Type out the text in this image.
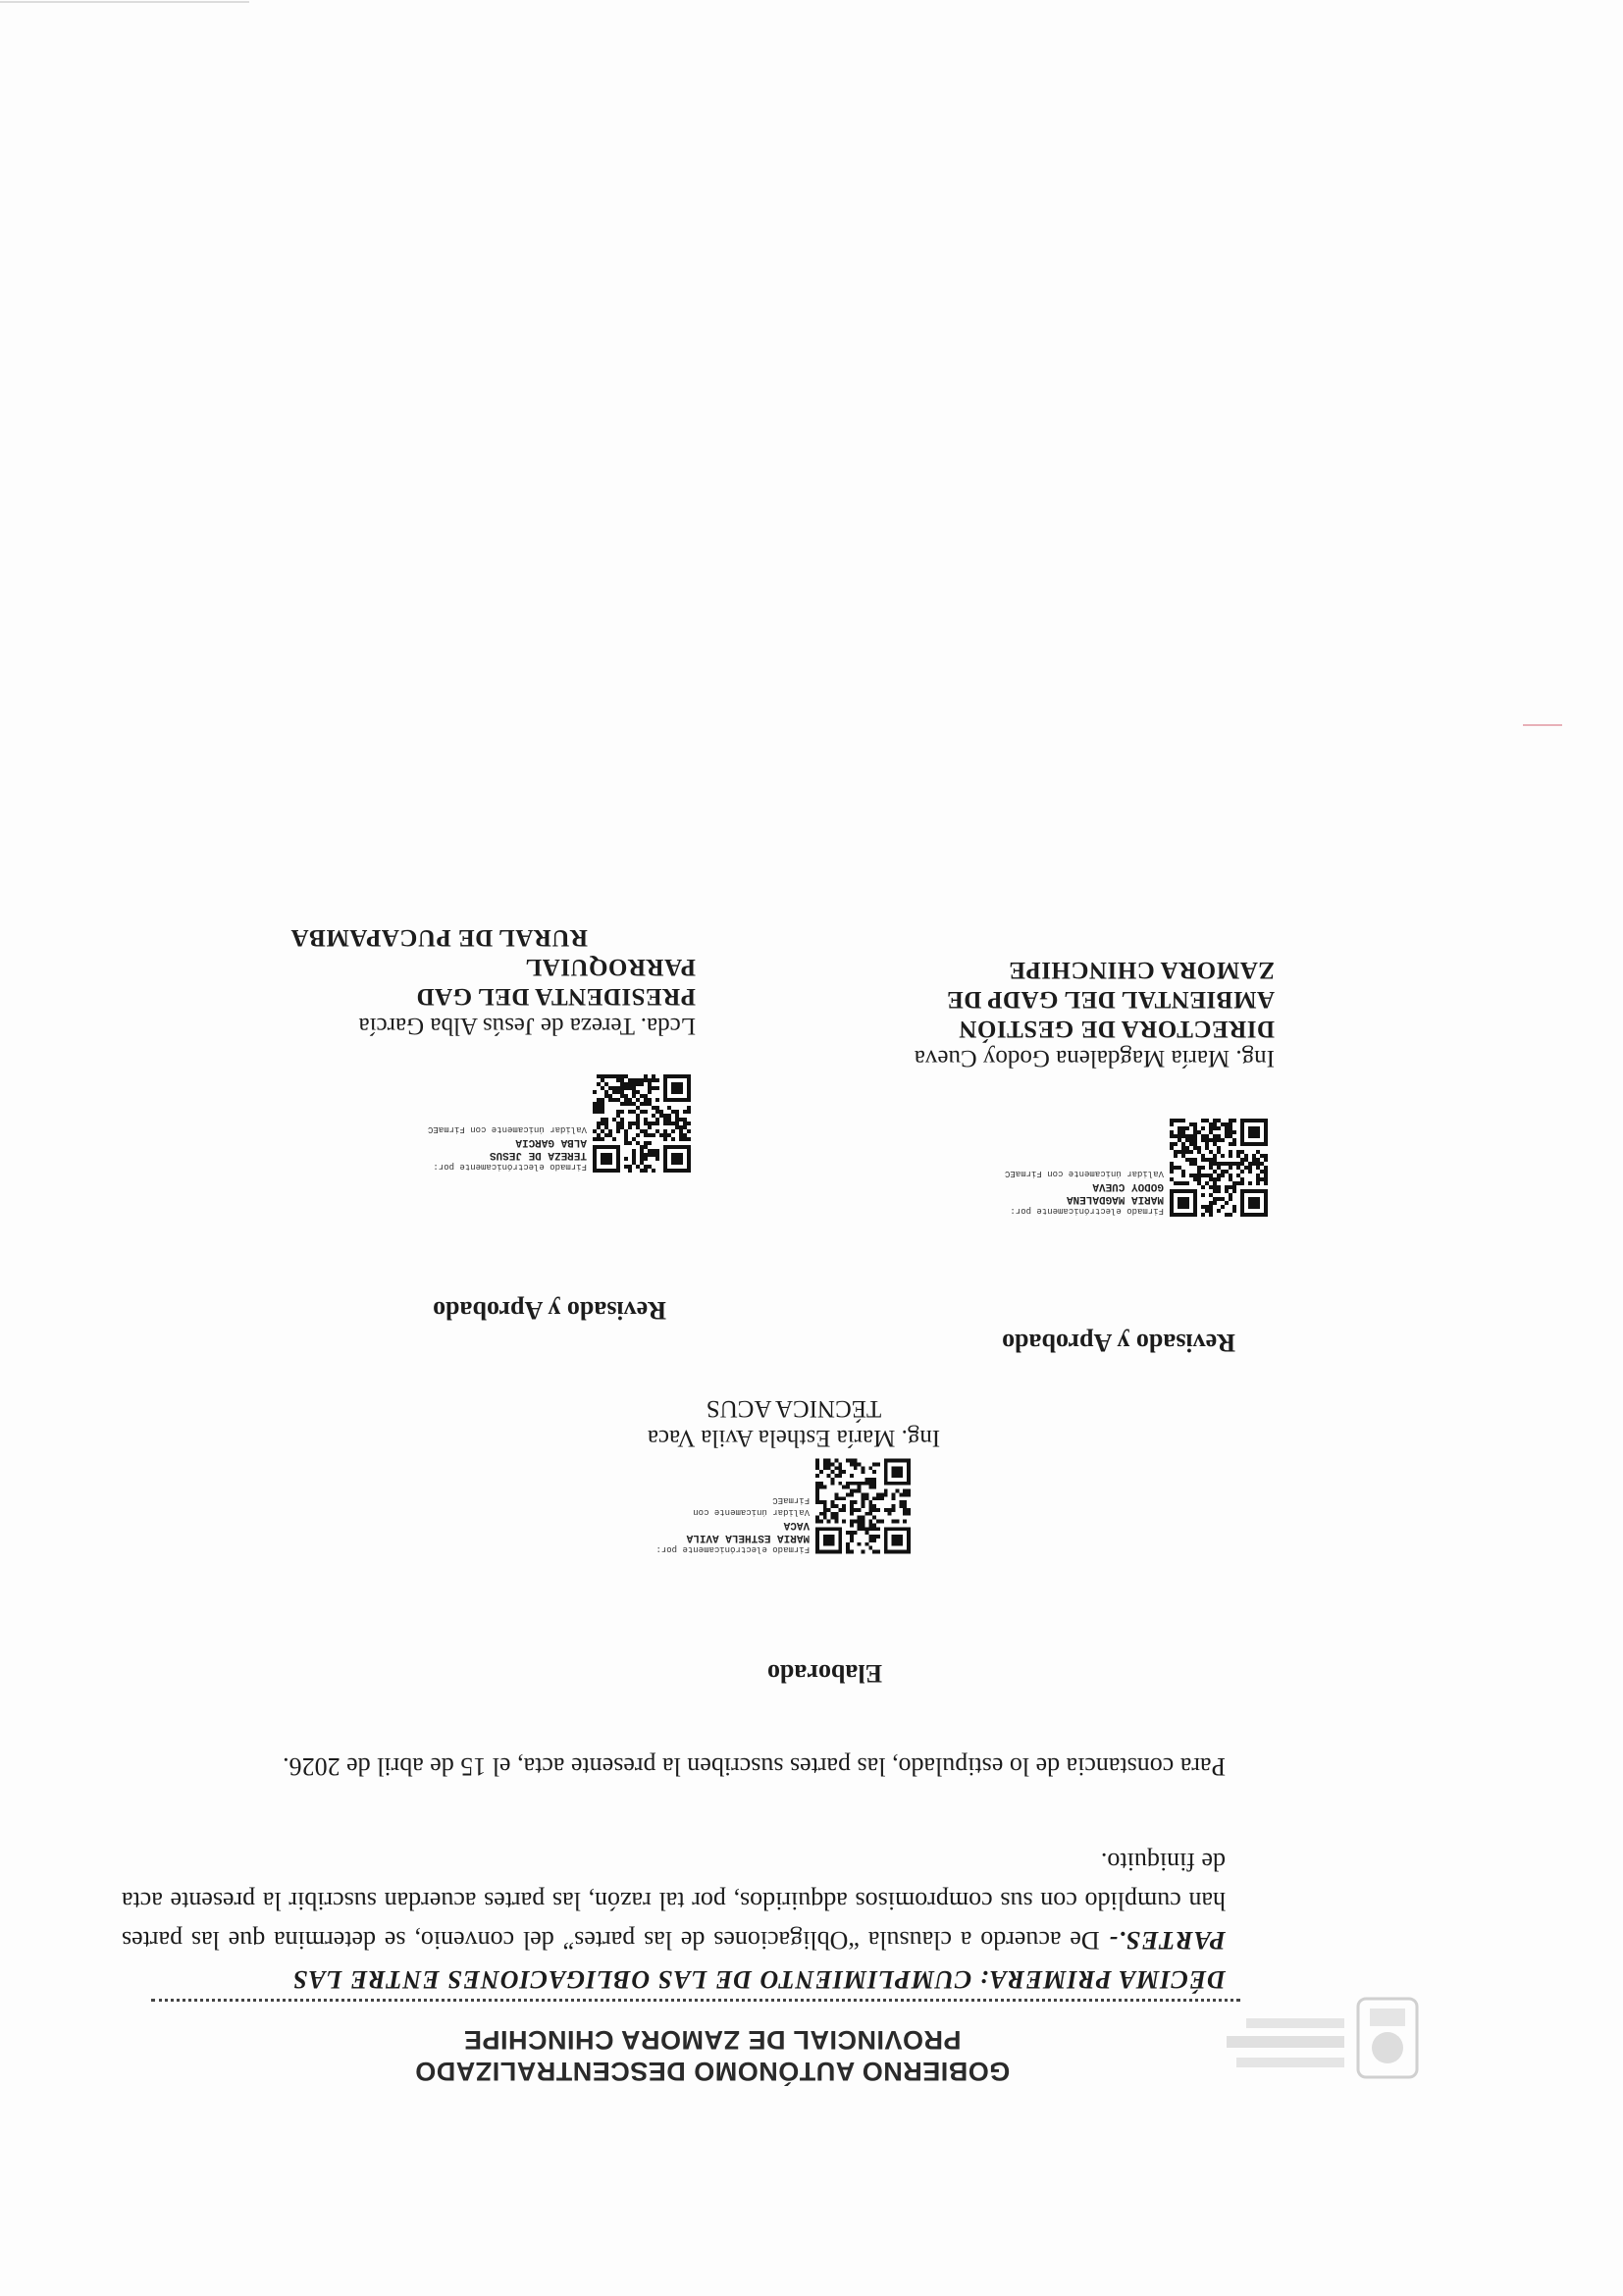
GOBIERNO AUTÓNOMO DESCENTRALIZADO
PROVINCIAL DE ZAMORA CHINCHIPE
DÉCIMA PRIMERA: CUMPLIMIENTO DE LAS OBLIGACIONES ENTRE LAS
PARTES.- De acuerdo a clausula “Obligaciones de las partes” del convenio, se determina que las partes han cumplido con sus compromisos adquiridos, por tal razón, las partes acuerdan suscribir la presente acta de finiquito.
Para constancia de lo estipulado, las partes suscriben la presente acta, el 15 de abril de 2026.
Elaborado
Firmado electrónicamente por:
MARIA ESTHELA AVILA
VACA
Validar únicamente con FirmaEC
Ing. María Esthela Avila Vaca
TÉCNICA ACUS
Revisado y Aprobado
Revisado y Aprobado
Firmado electrónicamente por:
MARIA MAGDALENA
GODOY CUEVA
Validar únicamente con FirmaEC
Ing. María Magdalena Godoy Cueva
DIRECTORA DE GESTIÓN
AMBIENTAL DEL GADP DE
ZAMORA CHINCHIPE
Firmado electrónicamente por:
TEREZA DE JESUS
ALBA GARCIA
Validar únicamente con FirmaEC
Lcda. Tereza de Jesús Alba García
PRESIDENTA DEL GAD PARROQUIAL
RURAL DE PUCAPAMBA
